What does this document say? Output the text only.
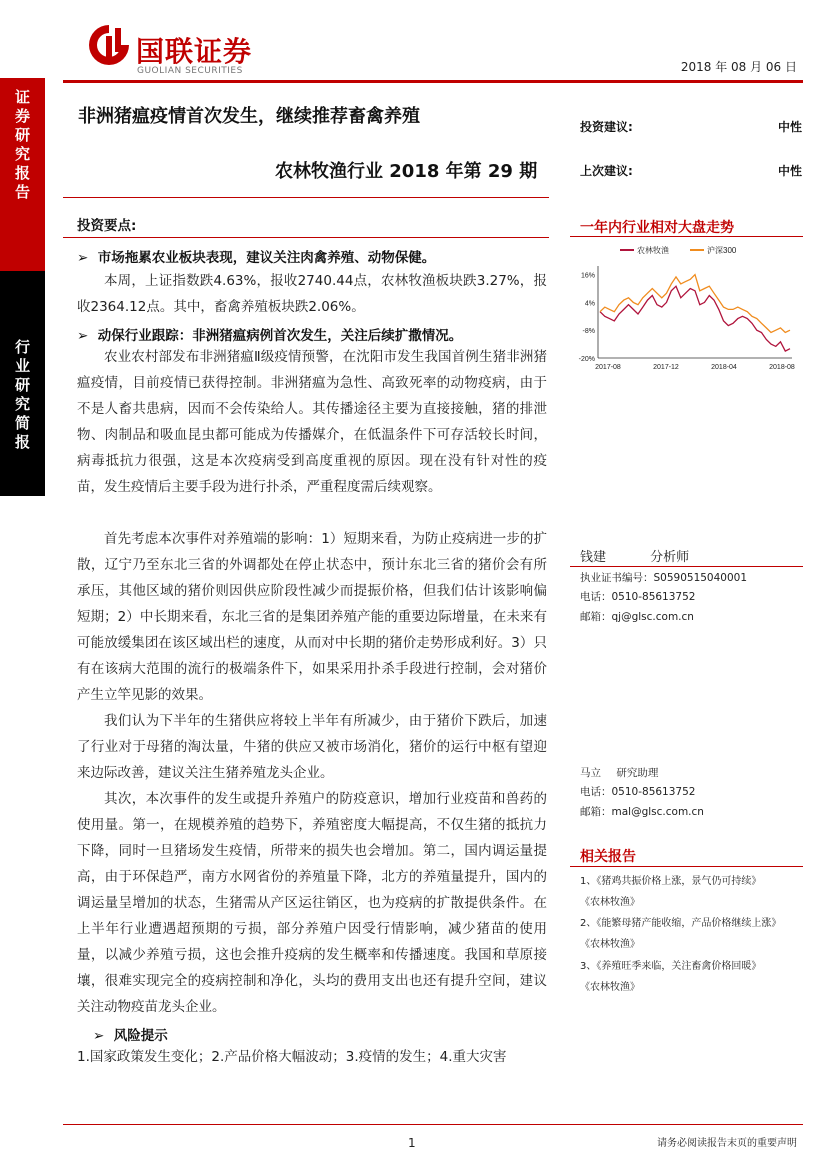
证
券
研
究
报
告
行
业
研
究
简
报
国联证券
GUOLIAN SECURITIES	2018 年 08 月 06 日
非洲猪瘟疫情首次发生，继续推荐畜禽养殖
农林牧渔行业 2018 年第 29 期
投资建议:	中性
上次建议:	中性
投资要点:
➢  市场拖累农业板块表现，建议关注肉禽养殖、动物保健。
本周，上证指数跌4.63%，报收2740.44点，农林牧渔板块跌3.27%，报收2364.12点。其中，畜禽养殖板块跌2.06%。
➢  动保行业跟踪：非洲猪瘟病例首次发生，关注后续扩撒情况。
农业农村部发布非洲猪瘟Ⅱ级疫情预警，在沈阳市发生我国首例生猪非洲猪瘟疫情，目前疫情已获得控制。非洲猪瘟为急性、高致死率的动物疫病，由于不是人畜共患病，因而不会传染给人。其传播途径主要为直接接触，猪的排泄物、肉制品和吸血昆虫都可能成为传播媒介，在低温条件下可存活较长时间，病毒抵抗力很强，这是本次疫病受到高度重视的原因。现在没有针对性的疫苗，发生疫情后主要手段为进行扑杀，严重程度需后续观察。
首先考虑本次事件对养殖端的影响：1）短期来看，为防止疫病进一步的扩散，辽宁乃至东北三省的外调都处在停止状态中，预计东北三省的猪价会有所承压，其他区域的猪价则因供应阶段性减少而提振价格，但我们估计该影响偏短期；2）中长期来看，东北三省的是集团养殖产能的重要边际增量，在未来有可能放缓集团在该区域出栏的速度，从而对中长期的猪价走势形成利好。3）只有在该病大范围的流行的极端条件下，如果采用扑杀手段进行控制，会对猪价产生立竿见影的效果。
我们认为下半年的生猪供应将较上半年有所减少，由于猪价下跌后，加速了行业对于母猪的淘汰量，牛猪的供应又被市场消化，猪价的运行中枢有望迎来边际改善，建议关注生猪养殖龙头企业。
其次，本次事件的发生或提升养殖户的防疫意识，增加行业疫苗和兽药的使用量。第一，在规模养殖的趋势下，养殖密度大幅提高，不仅生猪的抵抗力下降，同时一旦猪场发生疫情，所带来的损失也会增加。第二，国内调运量提高，由于环保趋严，南方水网省份的养殖量下降，北方的养殖量提升，国内的调运量呈增加的状态，生猪需从产区运往销区，也为疫病的扩散提供条件。在上半年行业遭遇超预期的亏损，部分养殖户因受行情影响，减少猪苗的使用量，以减少养殖亏损，这也会推升疫病的发生概率和传播速度。我国和草原接壤，很难实现完全的疫病控制和净化，头均的费用支出也还有提升空间，建议关注动物疫苗龙头企业。
➢  风险提示
1.国家政策发生变化；2.产品价格大幅波动；3.疫情的发生；4.重大灾害
一年内行业相对大盘走势
16%
4%
-8%
-20%
2017-08	2017-12	2018-04	2018-08
农林牧渔	沪深300
钱建	分析师
执业证书编号：S0590515040001
电话：0510-85613752
邮箱：qj@glsc.com.cn
马立 研究助理
电话：0510-85613752
邮箱：mal@glsc.com.cn
相关报告
1、《猪鸡共振价格上涨，景气仍可持续》
《农林牧渔》
2、《能繁母猪产能收缩，产品价格继续上涨》
《农林牧渔》
3、《养殖旺季来临，关注畜禽价格回暖》
《农林牧渔》
1	请务必阅读报告末页的重要声明
